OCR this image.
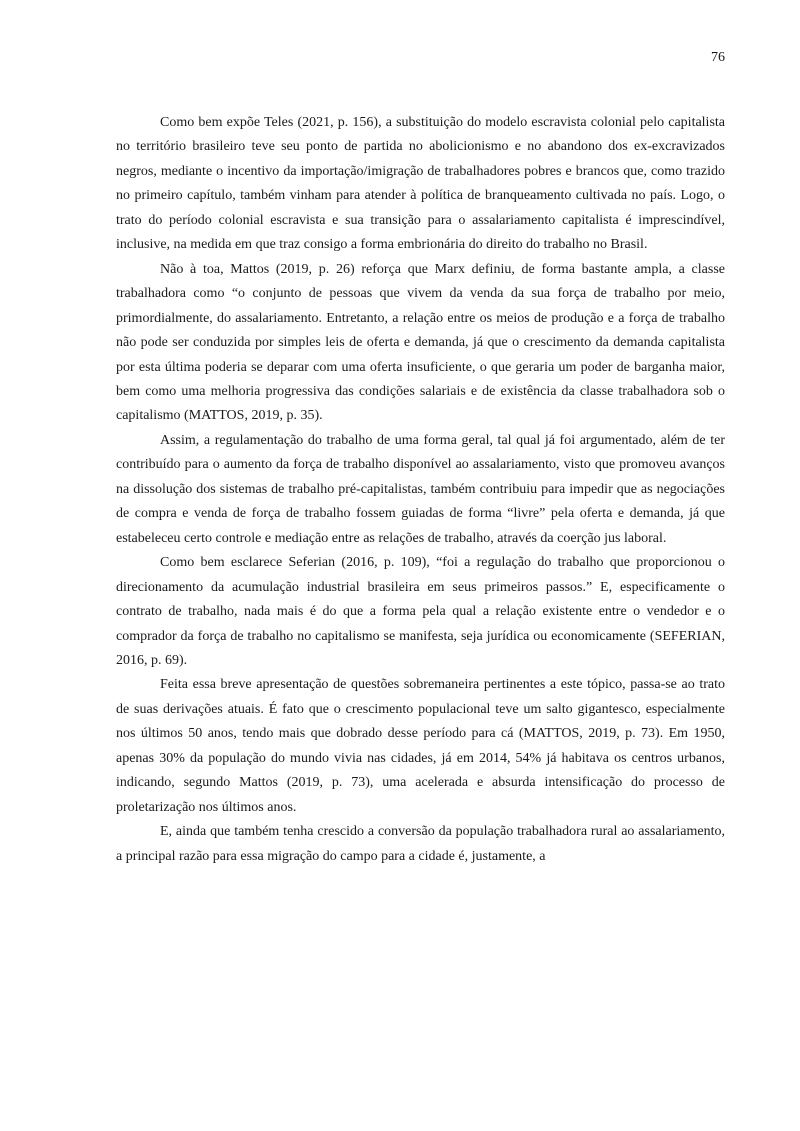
76

Como bem expõe Teles (2021, p. 156), a substituição do modelo escravista colonial pelo capitalista no território brasileiro teve seu ponto de partida no abolicionismo e no abandono dos ex-excravizados negros, mediante o incentivo da importação/imigração de trabalhadores pobres e brancos que, como trazido no primeiro capítulo, também vinham para atender à política de branqueamento cultivada no país. Logo, o trato do período colonial escravista e sua transição para o assalariamento capitalista é imprescindível, inclusive, na medida em que traz consigo a forma embrionária do direito do trabalho no Brasil.

Não à toa, Mattos (2019, p. 26) reforça que Marx definiu, de forma bastante ampla, a classe trabalhadora como “o conjunto de pessoas que vivem da venda da sua força de trabalho por meio, primordialmente, do assalariamento. Entretanto, a relação entre os meios de produção e a força de trabalho não pode ser conduzida por simples leis de oferta e demanda, já que o crescimento da demanda capitalista por esta última poderia se deparar com uma oferta insuficiente, o que geraria um poder de barganha maior, bem como uma melhoria progressiva das condições salariais e de existência da classe trabalhadora sob o capitalismo (MATTOS, 2019, p. 35).

Assim, a regulamentação do trabalho de uma forma geral, tal qual já foi argumentado, além de ter contribuído para o aumento da força de trabalho disponível ao assalariamento, visto que promoveu avanços na dissolução dos sistemas de trabalho pré-capitalistas, também contribuiu para impedir que as negociações de compra e venda de força de trabalho fossem guiadas de forma “livre” pela oferta e demanda, já que estabeleceu certo controle e mediação entre as relações de trabalho, através da coerção jus laboral.

Como bem esclarece Seferian (2016, p. 109), “foi a regulação do trabalho que proporcionou o direcionamento da acumulação industrial brasileira em seus primeiros passos.” E, especificamente o contrato de trabalho, nada mais é do que a forma pela qual a relação existente entre o vendedor e o comprador da força de trabalho no capitalismo se manifesta, seja jurídica ou economicamente (SEFERIAN, 2016, p. 69).

Feita essa breve apresentação de questões sobremaneira pertinentes a este tópico, passa-se ao trato de suas derivações atuais. É fato que o crescimento populacional teve um salto gigantesco, especialmente nos últimos 50 anos, tendo mais que dobrado desse período para cá (MATTOS, 2019, p. 73). Em 1950, apenas 30% da população do mundo vivia nas cidades, já em 2014, 54% já habitava os centros urbanos, indicando, segundo Mattos (2019, p. 73), uma acelerada e absurda intensificação do processo de proletarização nos últimos anos.

E, ainda que também tenha crescido a conversão da população trabalhadora rural ao assalariamento, a principal razão para essa migração do campo para a cidade é, justamente, a
